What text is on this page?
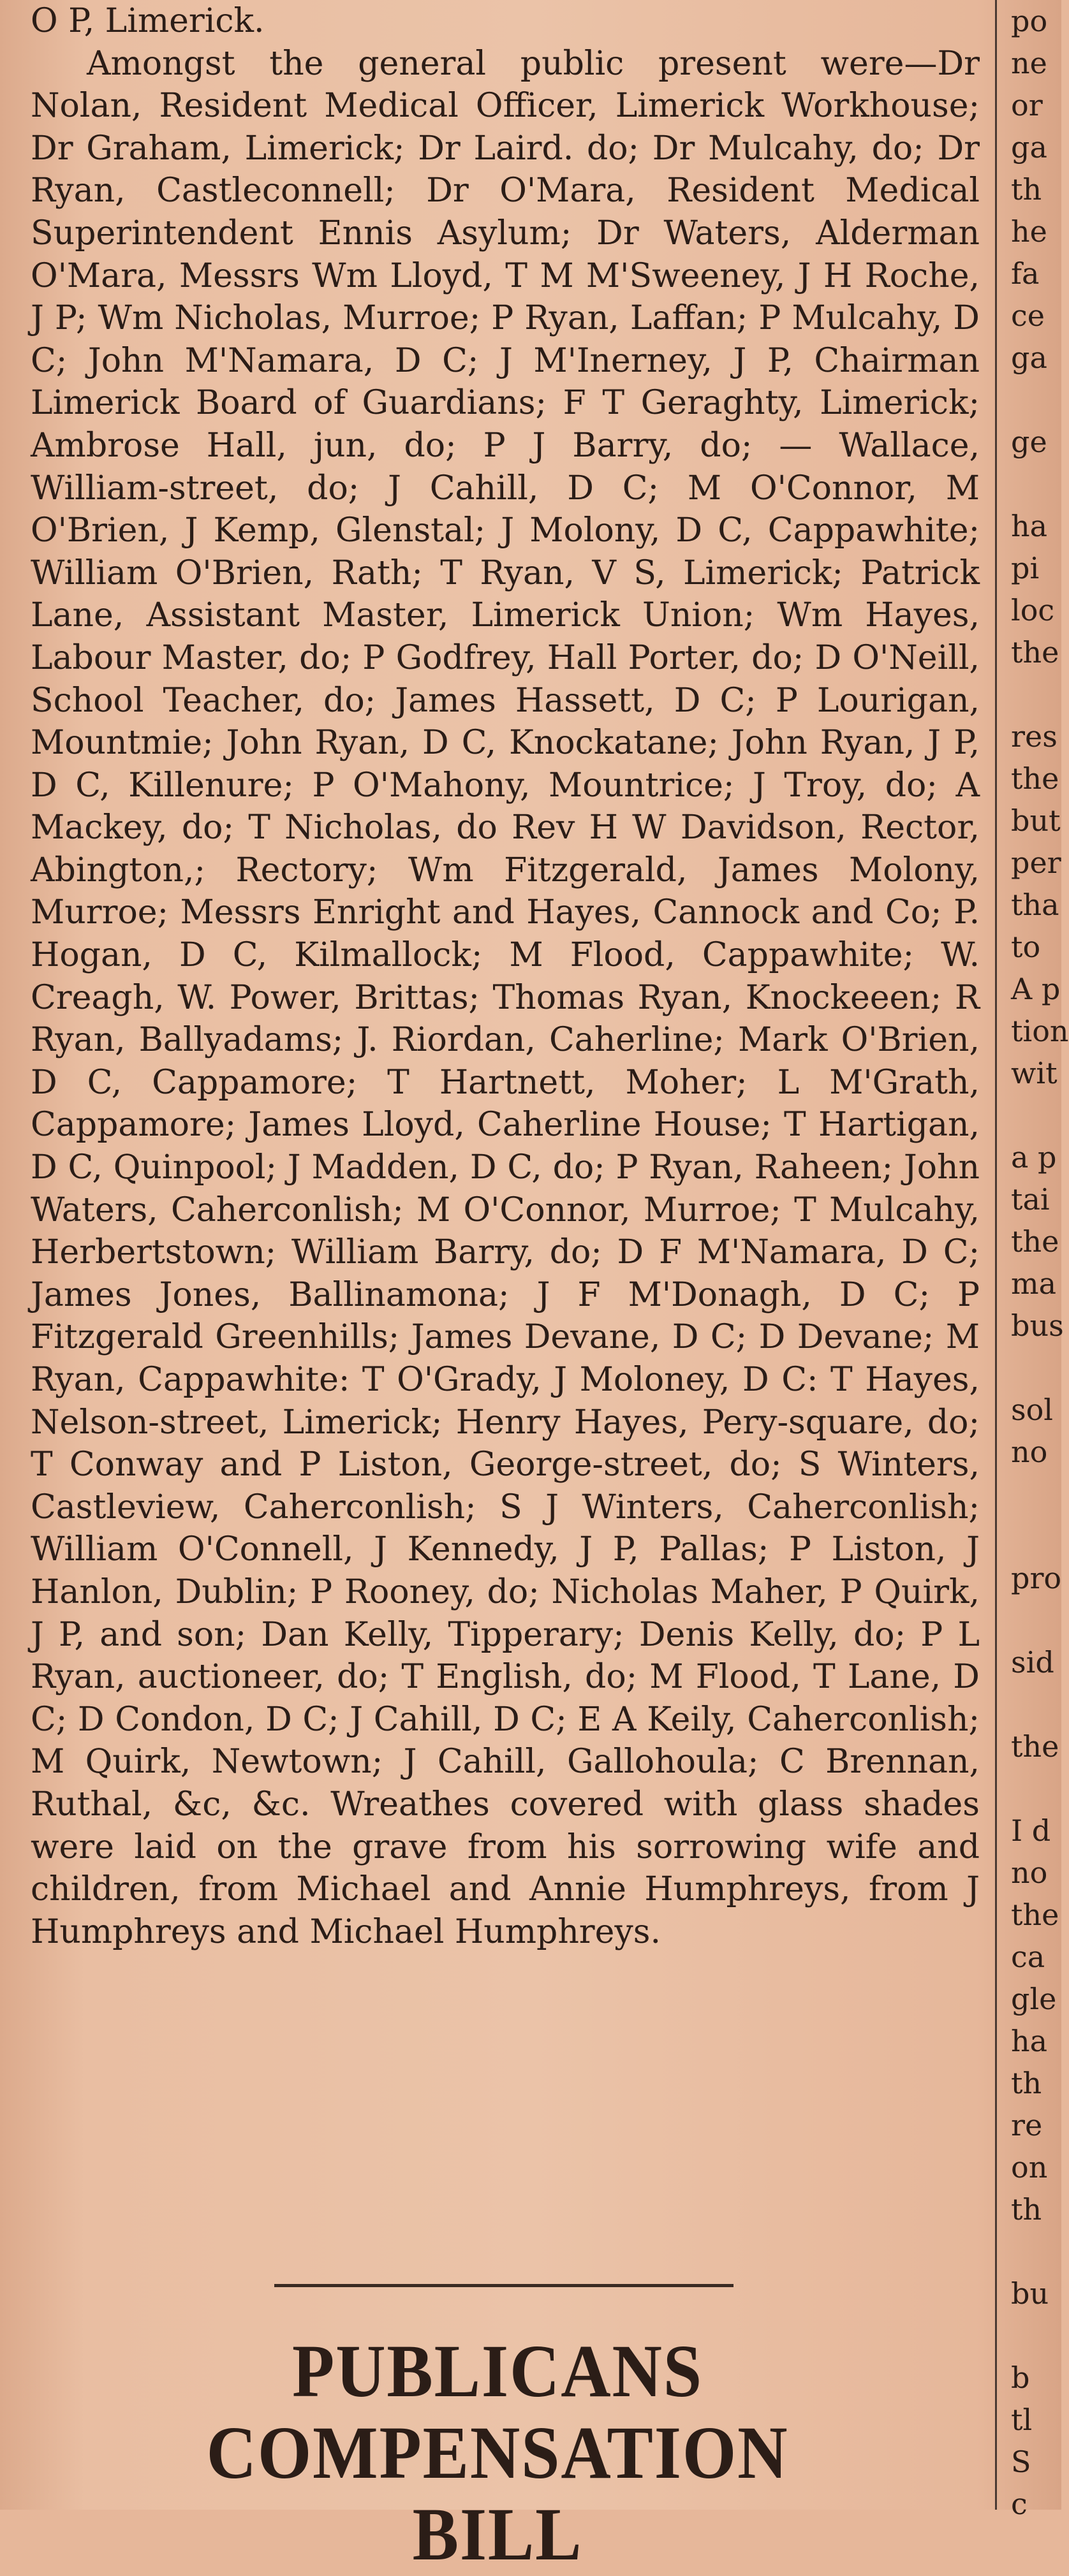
O P, Limerick.

Amongst the general public present were—Dr Nolan, Resident Medical Officer, Limerick Workhouse; Dr Graham, Limerick; Dr Laird. do; Dr Mulcahy, do; Dr Ryan, Castleconnell; Dr O'Mara, Resident Medical Superintendent Ennis Asylum; Dr Waters, Alderman O'Mara, Messrs Wm Lloyd, T M M'Sweeney, J H Roche, J P; Wm Nicholas, Murroe; P Ryan, Laffan; P Mulcahy, D C; John M'Namara, D C; J M'Inerney, J P, Chairman Limerick Board of Guardians; F T Geraghty, Limerick; Ambrose Hall, jun, do; P J Barry, do; — Wallace, William-street, do; J Cahill, D C; M O'Connor, M O'Brien, J Kemp, Glenstal; J Molony, D C, Cappawhite; William O'Brien, Rath; T Ryan, V S, Limerick; Patrick Lane, Assistant Master, Limerick Union; Wm Hayes, Labour Master, do; P Godfrey, Hall Porter, do; D O'Neill, School Teacher, do; James Hassett, D C; P Lourigan, Mountmie; John Ryan, D C, Knockatane; John Ryan, J P, D C, Killenure; P O'Mahony, Mountrice; J Troy, do; A Mackey, do; T Nicholas, do Rev H W Davidson, Rector, Abington,; Rectory; Wm Fitzgerald, James Molony, Murroe; Messrs Enright and Hayes, Cannock and Co; P. Hogan, D C, Kilmallock; M Flood, Cappawhite; W. Creagh, W. Power, Brittas; Thomas Ryan, Knockeeen; R Ryan, Ballyadams; J. Riordan, Caherline; Mark O'Brien, D C, Cappamore; T Hartnett, Moher; L M'Grath, Cappamore; James Lloyd, Caherline House; T Hartigan, D C, Quinpool; J Madden, D C, do; P Ryan, Raheen; John Waters, Caherconlish; M O'Connor, Murroe; T Mulcahy, Herbertstown; William Barry, do; D F M'Namara, D C; James Jones, Ballinamona; J F M'Donagh, D C; P Fitzgerald Greenhills; James Devane, D C; D Devane; M Ryan, Cappawhite: T O'Grady, J Moloney, D C: T Hayes, Nelson-street, Limerick; Henry Hayes, Pery-square, do; T Conway and P Liston, George-street, do; S Winters, Castleview, Caherconlish; S J Winters, Caherconlish; William O'Connell, J Kennedy, J P, Pallas; P Liston, J Hanlon, Dublin; P Rooney, do; Nicholas Maher, P Quirk, J P, and son; Dan Kelly, Tipperary; Denis Kelly, do; P L Ryan, auctioneer, do; T English, do; M Flood, T Lane, D C; D Condon, D C; J Cahill, D C; E A Keily, Caherconlish; M Quirk, Newtown; J Cahill, Gallohoula; C Brennan, Ruthal, &c, &c. Wreathes covered with glass shades were laid on the grave from his sorrowing wife and children, from Michael and Annie Humphreys, from J Humphreys and Michael Humphreys.

PUBLICANS COMPENSATION
BILL
po
ne
or
ga
th
he
fa
ce
ga
ge
ha
pi
loc
the
res
the
but
per
tha
to
A p
tion
wit
a p
tai
the
ma
bus
sol
no
pro
sid
the
I d
no
the
ca
gle
ha
th
re
on
th
bu
b
tl
S
c
